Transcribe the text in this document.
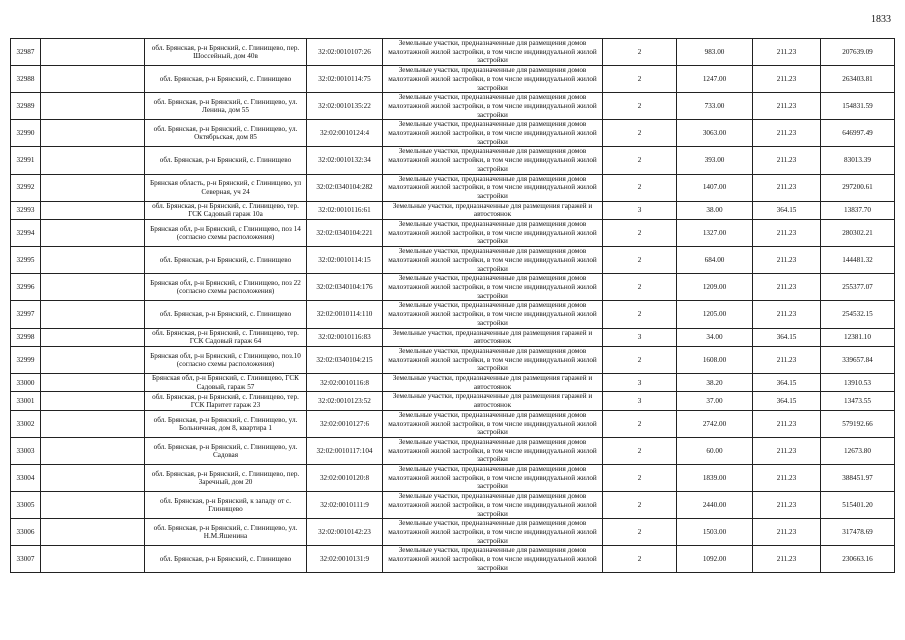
1833
32987		обл. Брянская, р-н Брянский, с. Глинищево, пер. Шоссейный, дом 40в	32:02:0010107:26	Земельные участки, предназначенные для размещения домов малоэтажной жилой застройки, в том числе индивидуальной жилой застройки	2	983.00	211.23	207639.09
32988		обл. Брянская, р-н Брянский, с. Глинищево	32:02:0010114:75	Земельные участки, предназначенные для размещения домов малоэтажной жилой застройки, в том числе индивидуальной жилой застройки	2	1247.00	211.23	263403.81
32989		обл. Брянская, р-н Брянский, с. Глинищево, ул. Ленина, дом 55	32:02:0010135:22	Земельные участки, предназначенные для размещения домов малоэтажной жилой застройки, в том числе индивидуальной жилой застройки	2	733.00	211.23	154831.59
32990		обл. Брянская, р-н Брянский, с. Глинищево, ул. Октябрьская, дом 85	32:02:0010124:4	Земельные участки, предназначенные для размещения домов малоэтажной жилой застройки, в том числе индивидуальной жилой застройки	2	3063.00	211.23	646997.49
32991		обл. Брянская, р-н Брянский, с. Глинищево	32:02:0010132:34	Земельные участки, предназначенные для размещения домов малоэтажной жилой застройки, в том числе индивидуальной жилой застройки	2	393.00	211.23	83013.39
32992		Брянская область, р-н Брянский, с Глинищево, ул Северная, уч 24	32:02:0340104:282	Земельные участки, предназначенные для размещения домов малоэтажной жилой застройки, в том числе индивидуальной жилой застройки	2	1407.00	211.23	297200.61
32993		обл. Брянская, р-н Брянский, с. Глинищево, тер. ГСК Садовый гараж 10а	32:02:0010116:61	Земельные участки, предназначенные для размещения гаражей и автостоянок	3	38.00	364.15	13837.70
32994		Брянская обл, р-н Брянский, с Глинищево, поз 14 (согласно схемы расположения)	32:02:0340104:221	Земельные участки, предназначенные для размещения домов малоэтажной жилой застройки, в том числе индивидуальной жилой застройки	2	1327.00	211.23	280302.21
32995		обл. Брянская, р-н Брянский, с. Глинищево	32:02:0010114:15	Земельные участки, предназначенные для размещения домов малоэтажной жилой застройки, в том числе индивидуальной жилой застройки	2	684.00	211.23	144481.32
32996		Брянская обл, р-н Брянский, с Глинищево, поз 22 (согласно схемы расположения)	32:02:0340104:176	Земельные участки, предназначенные для размещения домов малоэтажной жилой застройки, в том числе индивидуальной жилой застройки	2	1209.00	211.23	255377.07
32997		обл. Брянская, р-н Брянский, с. Глинищево	32:02:0010114:110	Земельные участки, предназначенные для размещения домов малоэтажной жилой застройки, в том числе индивидуальной жилой застройки	2	1205.00	211.23	254532.15
32998		обл. Брянская, р-н Брянский, с. Глинищево, тер. ГСК Садовый гараж 64	32:02:0010116:83	Земельные участки, предназначенные для размещения гаражей и автостоянок	3	34.00	364.15	12381.10
32999		Брянская обл, р-н Брянский, с Глинищево, поз.10 (согласно схемы расположения)	32:02:0340104:215	Земельные участки, предназначенные для размещения домов малоэтажной жилой застройки, в том числе индивидуальной жилой застройки	2	1608.00	211.23	339657.84
33000		Брянская обл, р-н Брянский, с. Глинищево, ГСК Садовый, гараж 57	32:02:0010116:8	Земельные участки, предназначенные для размещения гаражей и автостоянок	3	38.20	364.15	13910.53
33001		обл. Брянская, р-н Брянский, с. Глинищево, тер. ГСК Паритет гараж 23	32:02:0010123:52	Земельные участки, предназначенные для размещения гаражей и автостоянок	3	37.00	364.15	13473.55
33002		обл. Брянская, р-н Брянский, с. Глинищево, ул. Больничная, дом 8, квартира 1	32:02:0010127:6	Земельные участки, предназначенные для размещения домов малоэтажной жилой застройки, в том числе индивидуальной жилой застройки	2	2742.00	211.23	579192.66
33003		обл. Брянская, р-н Брянский, с. Глинищево, ул. Садовая	32:02:0010117:104	Земельные участки, предназначенные для размещения домов малоэтажной жилой застройки, в том числе индивидуальной жилой застройки	2	60.00	211.23	12673.80
33004		обл. Брянская, р-н Брянский, с. Глинищево, пер. Заречный, дом 20	32:02:0010120:8	Земельные участки, предназначенные для размещения домов малоэтажной жилой застройки, в том числе индивидуальной жилой застройки	2	1839.00	211.23	388451.97
33005		обл. Брянская, р-н Брянский, к западу от с. Глинищево	32:02:0010111:9	Земельные участки, предназначенные для размещения домов малоэтажной жилой застройки, в том числе индивидуальной жилой застройки	2	2440.00	211.23	515401.20
33006		обл. Брянская, р-н Брянский, с. Глинищево, ул. Н.М.Яшенина	32:02:0010142:23	Земельные участки, предназначенные для размещения домов малоэтажной жилой застройки, в том числе индивидуальной жилой застройки	2	1503.00	211.23	317478.69
33007		обл. Брянская, р-н Брянский, с. Глинищево	32:02:0010131:9	Земельные участки, предназначенные для размещения домов малоэтажной жилой застройки, в том числе индивидуальной жилой застройки	2	1092.00	211.23	230663.16
